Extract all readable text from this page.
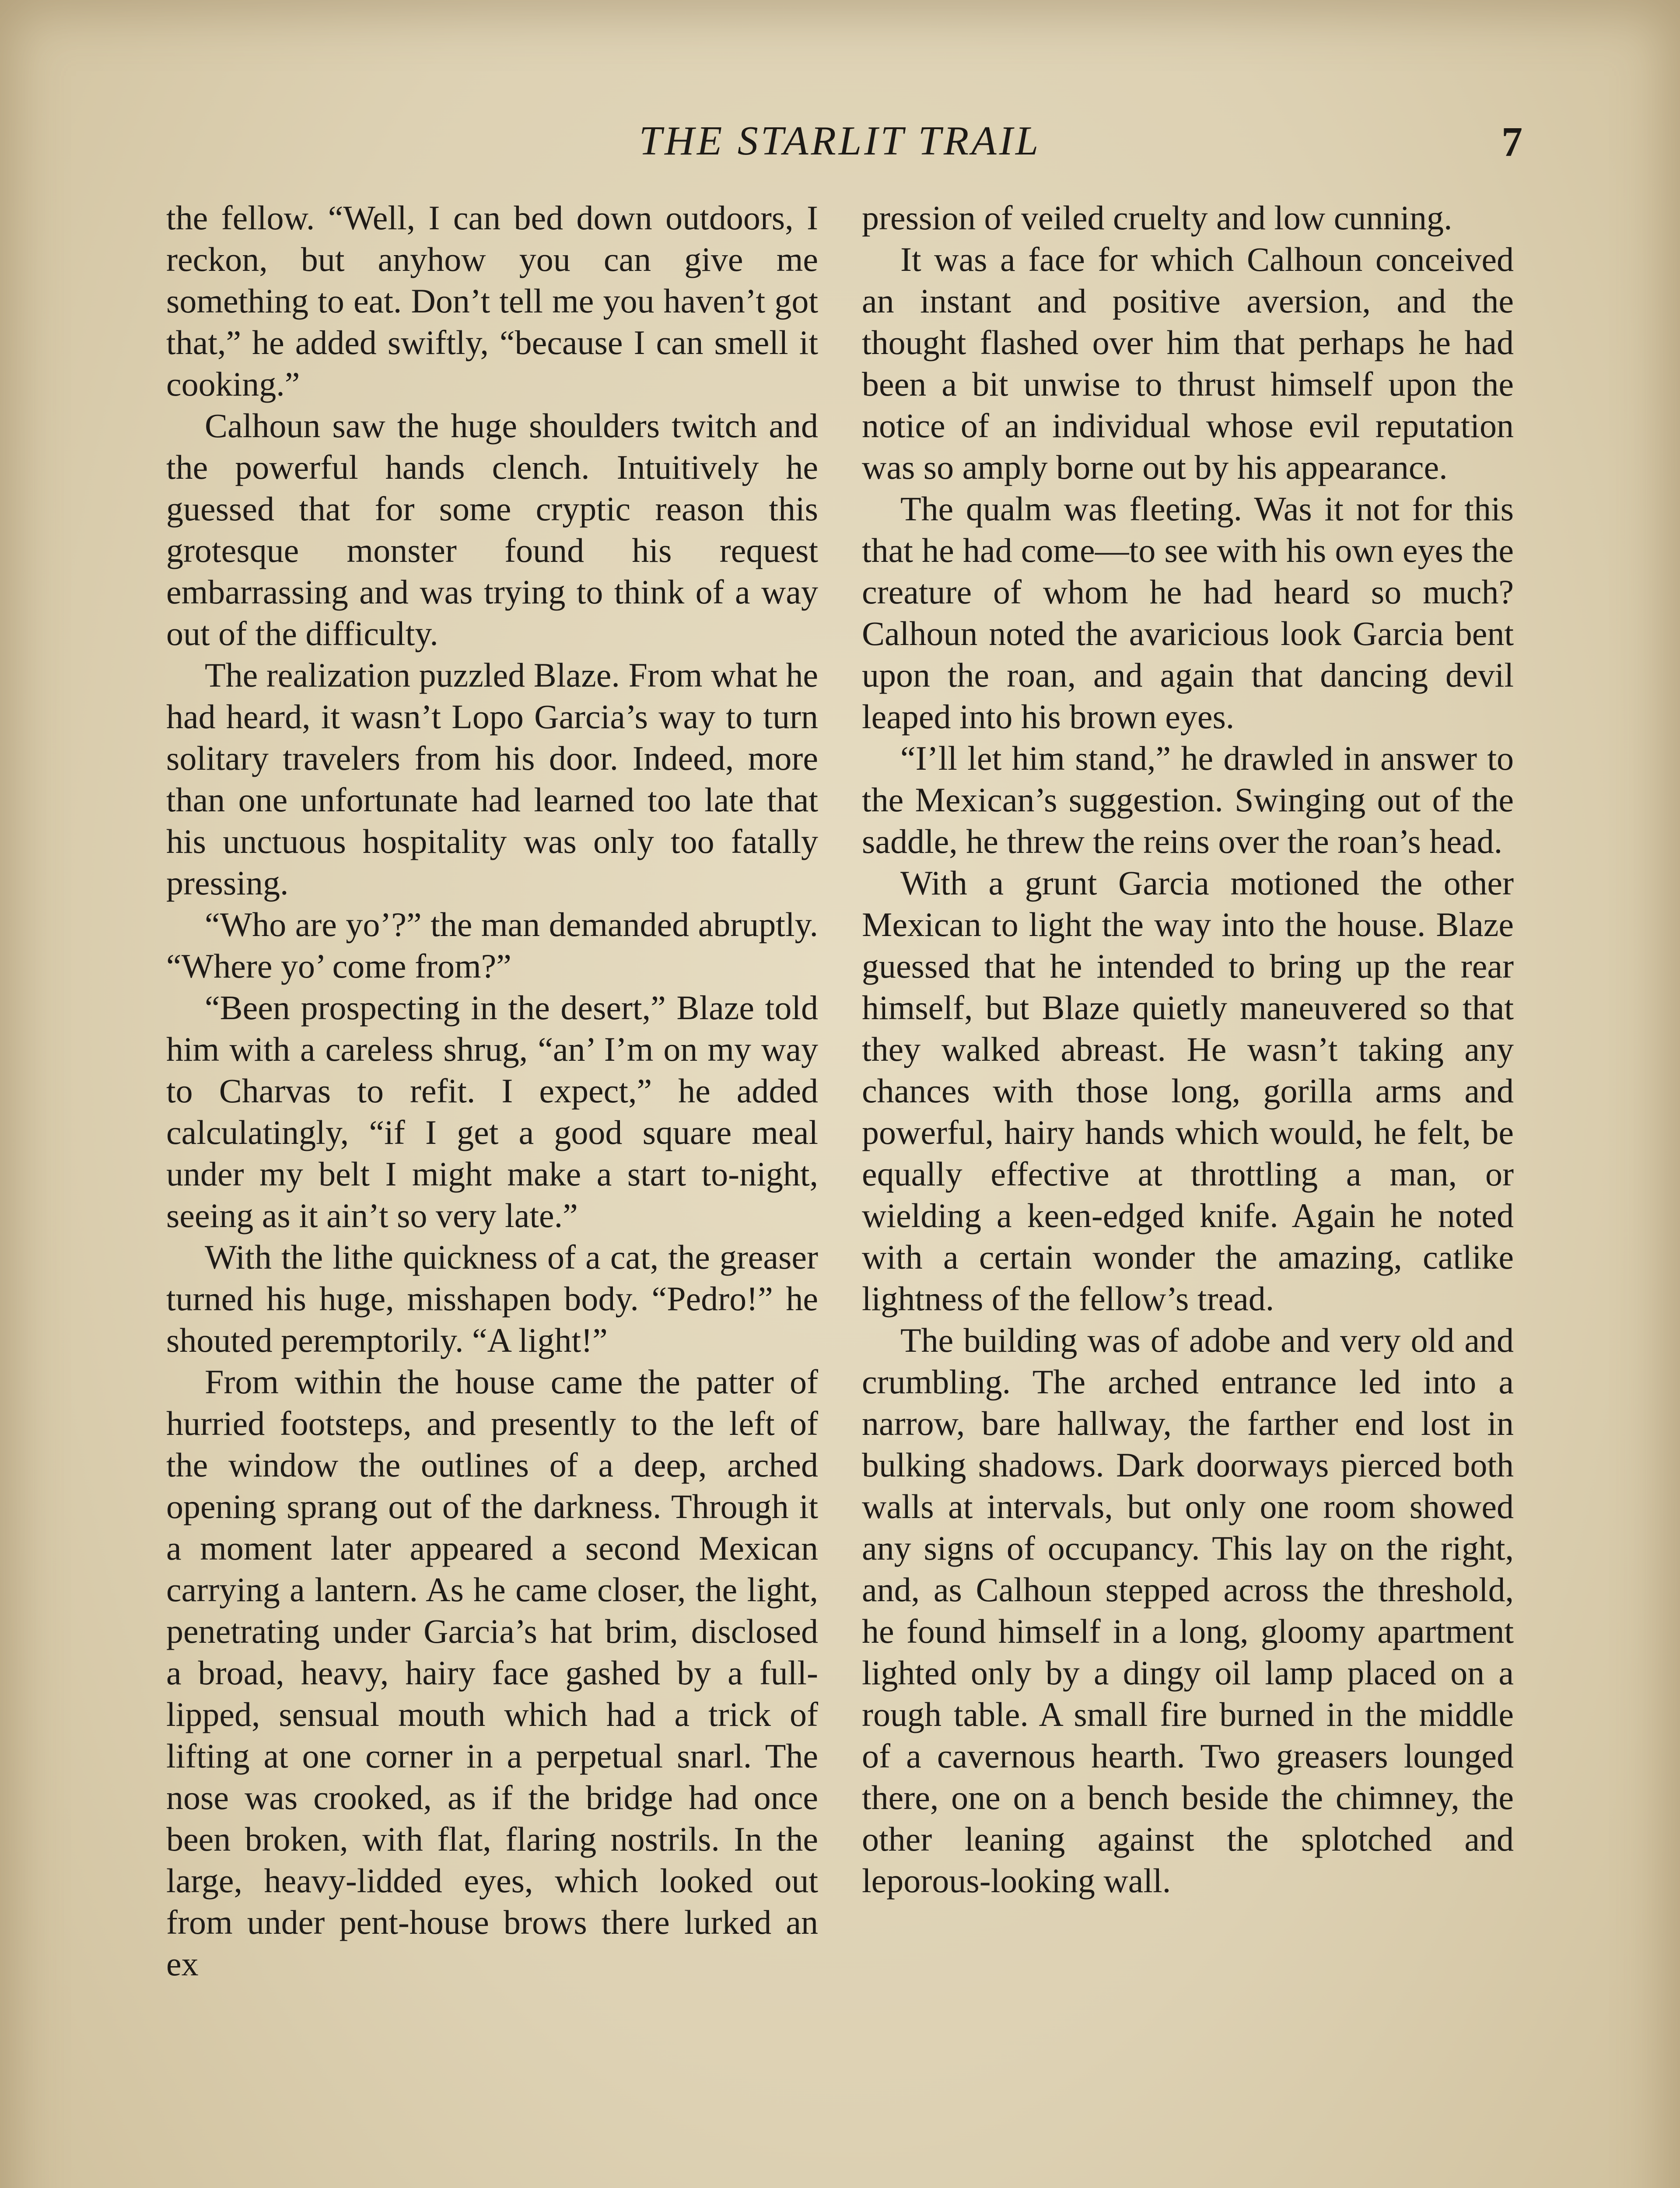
THE STARLIT TRAIL	7

the fellow. “Well, I can bed down outdoors, I reckon, but anyhow you can give me something to eat. Don’t tell me you haven’t got that,” he added swiftly, “because I can smell it cooking.”

Calhoun saw the huge shoulders twitch and the powerful hands clench. Intuitively he guessed that for some cryptic reason this grotesque monster found his request embarrassing and was trying to think of a way out of the difficulty.

The realization puzzled Blaze. From what he had heard, it wasn’t Lopo Garcia’s way to turn solitary travelers from his door. Indeed, more than one unfortunate had learned too late that his unctuous hospitality was only too fatally pressing.

“Who are yo’?” the man demanded abruptly. “Where yo’ come from?”

“Been prospecting in the desert,” Blaze told him with a careless shrug, “an’ I’m on my way to Charvas to refit. I expect,” he added calculatingly, “if I get a good square meal under my belt I might make a start to-night, seeing as it ain’t so very late.”

With the lithe quickness of a cat, the greaser turned his huge, misshapen body. “Pedro!” he shouted peremptorily. “A light!”

From within the house came the patter of hurried footsteps, and presently to the left of the window the outlines of a deep, arched opening sprang out of the darkness. Through it a moment later appeared a second Mexican carrying a lantern. As he came closer, the light, penetrating under Garcia’s hat brim, disclosed a broad, heavy, hairy face gashed by a full-lipped, sensual mouth which had a trick of lifting at one corner in a perpetual snarl. The nose was crooked, as if the bridge had once been broken, with flat, flaring nostrils. In the large, heavy-lidded eyes, which looked out from under pent-house brows there lurked an ex

pression of veiled cruelty and low cunning.

It was a face for which Calhoun conceived an instant and positive aversion, and the thought flashed over him that perhaps he had been a bit unwise to thrust himself upon the notice of an individual whose evil reputation was so amply borne out by his appearance.

The qualm was fleeting. Was it not for this that he had come—to see with his own eyes the creature of whom he had heard so much? Calhoun noted the avaricious look Garcia bent upon the roan, and again that dancing devil leaped into his brown eyes.

“I’ll let him stand,” he drawled in answer to the Mexican’s suggestion. Swinging out of the saddle, he threw the reins over the roan’s head.

With a grunt Garcia motioned the other Mexican to light the way into the house. Blaze guessed that he intended to bring up the rear himself, but Blaze quietly maneuvered so that they walked abreast. He wasn’t taking any chances with those long, gorilla arms and powerful, hairy hands which would, he felt, be equally effective at throttling a man, or wielding a keen-edged knife. Again he noted with a certain wonder the amazing, catlike lightness of the fellow’s tread.

The building was of adobe and very old and crumbling. The arched entrance led into a narrow, bare hallway, the farther end lost in bulking shadows. Dark doorways pierced both walls at intervals, but only one room showed any signs of occupancy. This lay on the right, and, as Calhoun stepped across the threshold, he found himself in a long, gloomy apartment lighted only by a dingy oil lamp placed on a rough table. A small fire burned in the middle of a cavernous hearth. Two greasers lounged there, one on a bench beside the chimney, the other leaning against the splotched and leporous-looking wall.
